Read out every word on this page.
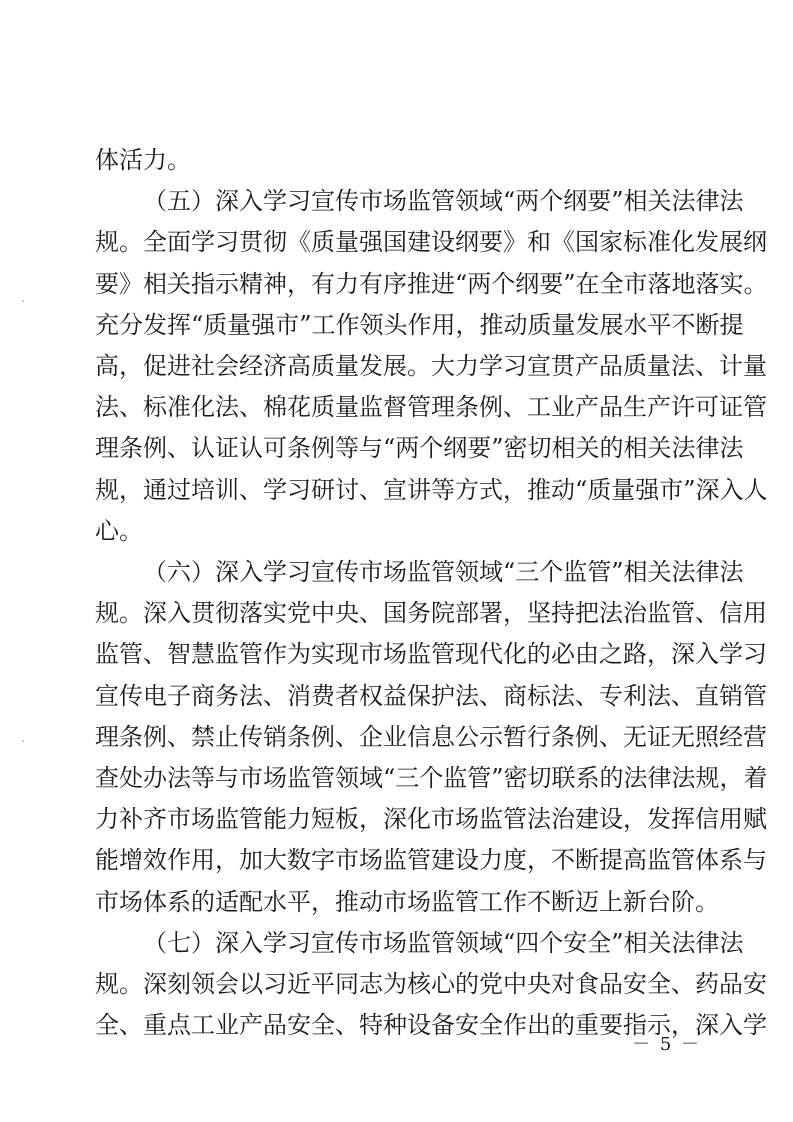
体活力。

（五）深入学习宣传市场监管领域“两个纲要”相关法律法

规。全面学习贯彻《质量强国建设纲要》和《国家标准化发展纲

要》相关指示精神，有力有序推进“两个纲要”在全市落地落实。

充分发挥“质量强市”工作领头作用，推动质量发展水平不断提

高，促进社会经济高质量发展。大力学习宣贯产品质量法、计量

法、标准化法、棉花质量监督管理条例、工业产品生产许可证管

理条例、认证认可条例等与“两个纲要”密切相关的相关法律法

规，通过培训、学习研讨、宣讲等方式，推动“质量强市”深入人

心。

（六）深入学习宣传市场监管领域“三个监管”相关法律法

规。深入贯彻落实党中央、国务院部署，坚持把法治监管、信用

监管、智慧监管作为实现市场监管现代化的必由之路，深入学习

宣传电子商务法、消费者权益保护法、商标法、专利法、直销管

理条例、禁止传销条例、企业信息公示暂行条例、无证无照经营

查处办法等与市场监管领域“三个监管”密切联系的法律法规，着

力补齐市场监管能力短板，深化市场监管法治建设，发挥信用赋

能增效作用，加大数字市场监管建设力度，不断提高监管体系与

市场体系的适配水平，推动市场监管工作不断迈上新台阶。

（七）深入学习宣传市场监管领域“四个安全”相关法律法

规。深刻领会以习近平同志为核心的党中央对食品安全、药品安

全、重点工业产品安全、特种设备安全作出的重要指示，深入学

－ 5 －
